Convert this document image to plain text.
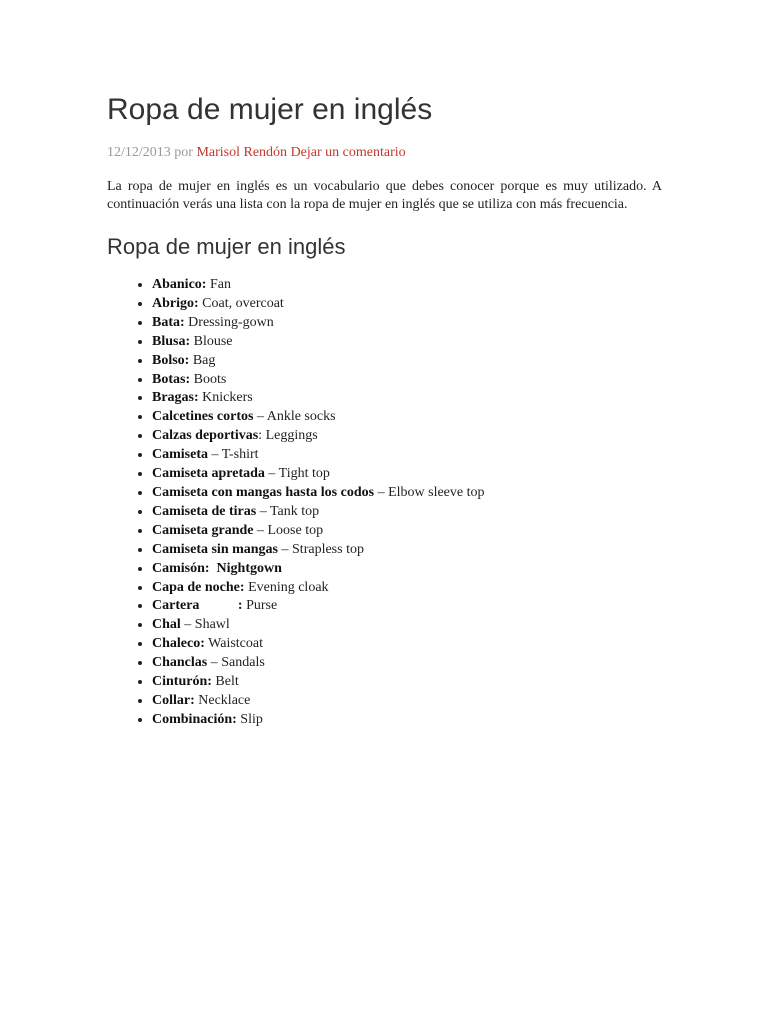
Ropa de mujer en inglés
12/12/2013 por Marisol Rendón Dejar un comentario

La ropa de mujer en inglés es un vocabulario que debes conocer porque es muy utilizado. A continuación verás una lista con la ropa de mujer en inglés que se utiliza con más frecuencia.

Ropa de mujer en inglés
• Abanico: Fan
• Abrigo: Coat, overcoat
• Bata: Dressing-gown
• Blusa: Blouse
• Bolso: Bag
• Botas: Boots
• Bragas: Knickers
• Calcetines cortos – Ankle socks
• Calzas deportivas: Leggings
• Camiseta – T-shirt
• Camiseta apretada – Tight top
• Camiseta con mangas hasta los codos – Elbow sleeve top
• Camiseta de tiras – Tank top
• Camiseta grande – Loose top
• Camiseta sin mangas – Strapless top
• Camisón:  Nightgown
• Capa de noche: Evening cloak
• Cartera           : Purse
• Chal – Shawl
• Chaleco: Waistcoat
• Chanclas – Sandals
• Cinturón: Belt
• Collar: Necklace
• Combinación: Slip
